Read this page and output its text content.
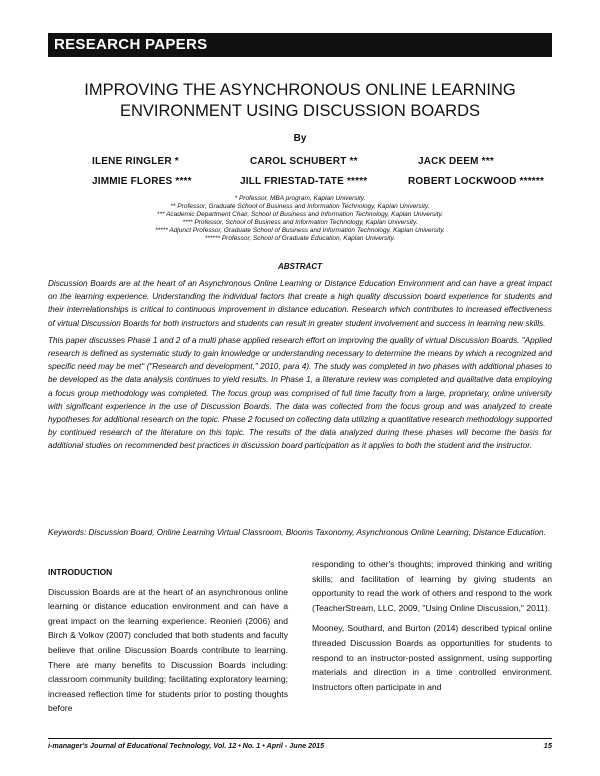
RESEARCH PAPERS
IMPROVING THE ASYNCHRONOUS ONLINE LEARNING
ENVIRONMENT USING DISCUSSION BOARDS
By
ILENE RINGLER *	CAROL SCHUBERT **	JACK DEEM ***
JIMMIE FLORES ****	JILL FRIESTAD-TATE *****	ROBERT LOCKWOOD ******
* Professor, MBA program, Kaplan University.
** Professor, Graduate School of Business and Information Technology, Kaplan University.
*** Academic Department Chair, School of Business and Information Technology, Kaplan University.
**** Professor, School of Business and Information Technology, Kaplan University.
***** Adjunct Professor, Graduate School of Business and Information Technology, Kaplan University.
****** Professor, School of Graduate Education, Kaplan University.
ABSTRACT

Discussion Boards are at the heart of an Asynchronous Online Learning or Distance Education Environment and can have a great impact on the learning experience. Understanding the individual factors that create a high quality discussion board experience for students and their interrelationships is critical to continuous improvement in distance education. Research which contributes to increased effectiveness of virtual Discussion Boards for both instructors and students can result in greater student involvement and success in learning new skills.

This paper discusses Phase 1 and 2 of a multi phase applied research effort on improving the quality of virtual Discussion Boards. "Applied research is defined as systematic study to gain knowledge or understanding necessary to determine the means by which a recognized and specific need may be met" ("Research and development," 2010, para 4). The study was completed in two phases with additional phases to be developed as the data analysis continues to yield results. In Phase 1, a literature review was completed and qualitative data employing a focus group methodology was completed. The focus group was comprised of full time faculty from a large, proprietary, online university with significant experience in the use of Discussion Boards. The data was collected from the focus group and was analyzed to create hypotheses for additional research on the topic. Phase 2 focused on collecting data utilizing a quantitative research methodology supported by continued research of the literature on this topic. The results of the data analyzed during these phases will become the basis for additional studies on recommended best practices in discussion board participation as it applies to both the student and the instructor.

Keywords: Discussion Board, Online Learning Virtual Classroom, Blooms Taxonomy, Asynchronous Online Learning, Distance Education.
INTRODUCTION

Discussion Boards are at the heart of an asynchronous online learning or distance education environment and can have a great impact on the learning experience. Reonieri (2006) and Birch & Volkov (2007) concluded that both students and faculty believe that online Discussion Boards contribute to learning. There are many benefits to Discussion Boards including: classroom community building; facilitating exploratory learning; increased reflection time for students prior to posting thoughts before

responding to other's thoughts; improved thinking and writing skills; and facilitation of learning by giving students an opportunity to read the work of others and respond to the work (TeacherStream, LLC, 2009, "Using Online Discussion," 2011).

Mooney, Southard, and Burton (2014) described typical online threaded Discussion Boards as opportunities for students to respond to an instructor-posted assignment, using supporting materials and direction in a time controlled environment. Instructors often participate in and

i-manager's Journal of Educational Technology, Vol. 12 • No. 1 • April - June 2015	15
